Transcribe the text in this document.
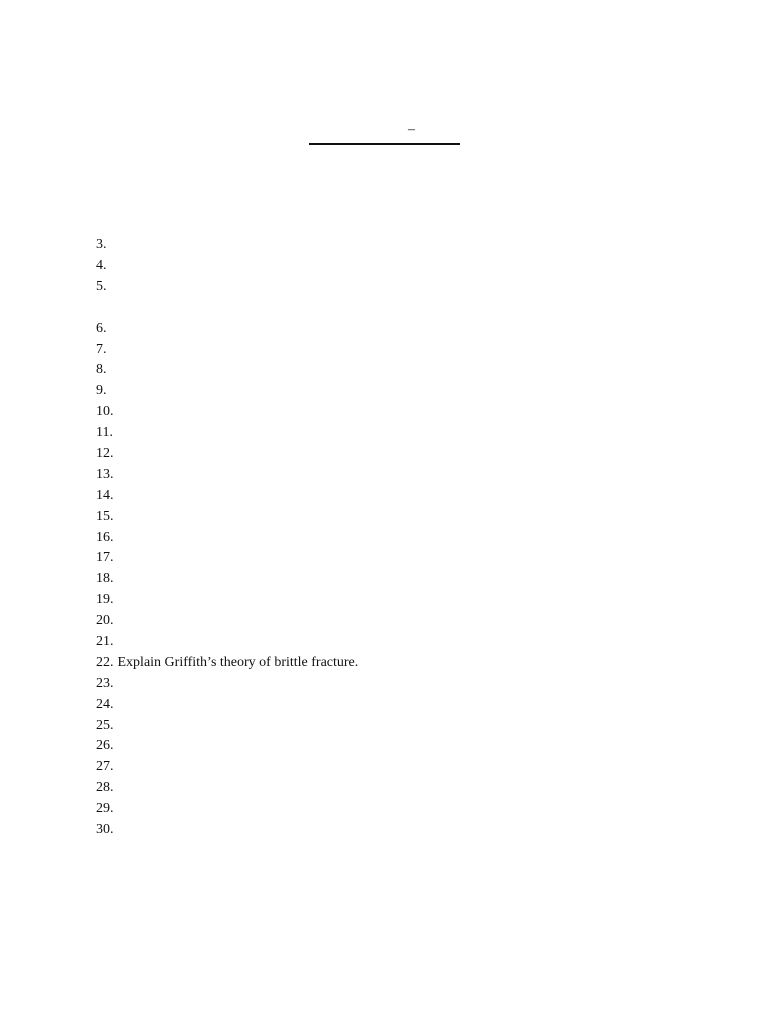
–
3.
4.
5.
6.
7.
8.
9.
10.
11.
12.
13.
14.
15.
16.
17.
18.
19.
20.
21.
22. Explain Griffith’s theory of brittle fracture.
23.
24.
25.
26.
27.
28.
29.
30.
